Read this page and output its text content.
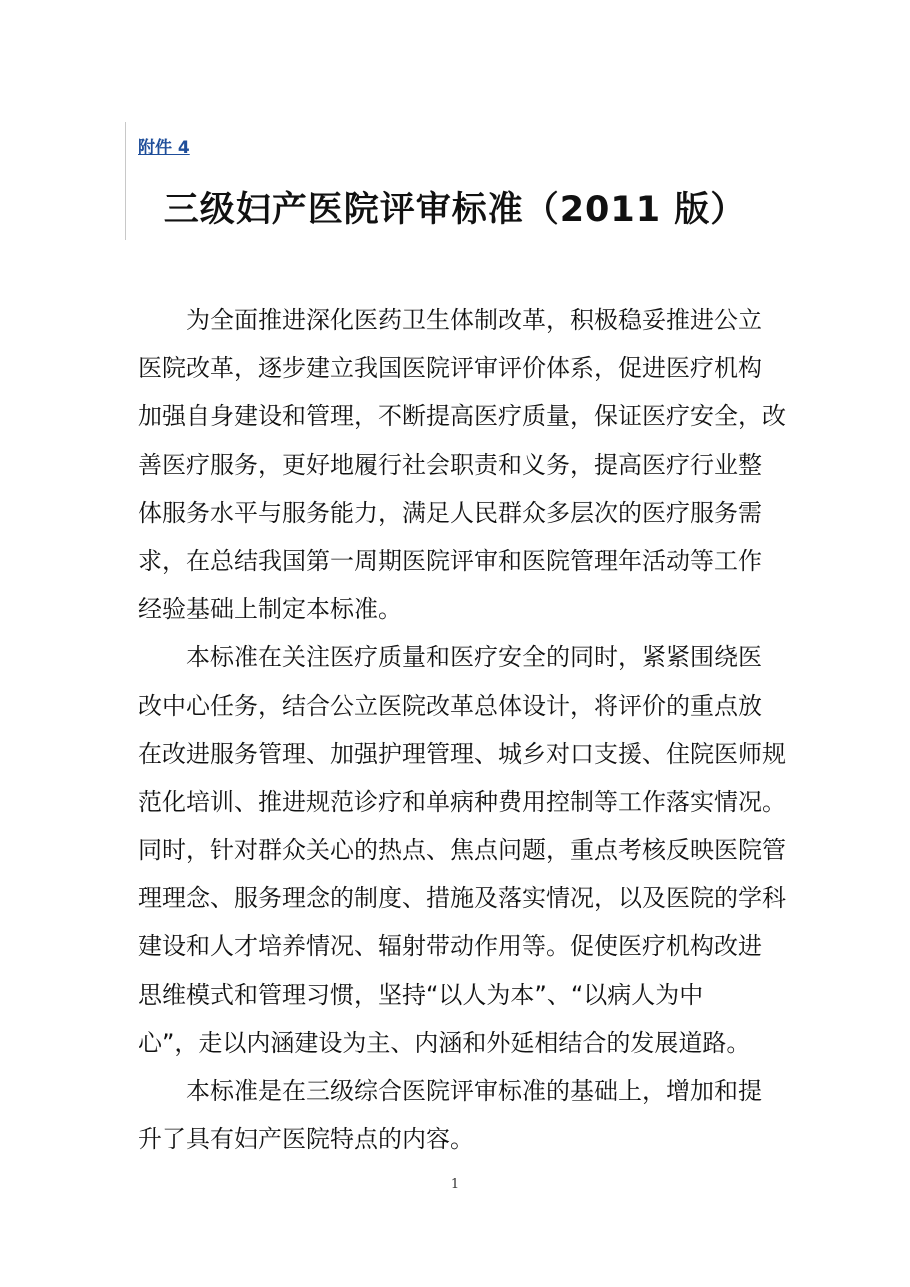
附件 4
三级妇产医院评审标准（2011 版）
　　为全面推进深化医药卫生体制改革，积极稳妥推进公立
医院改革，逐步建立我国医院评审评价体系，促进医疗机构
加强自身建设和管理，不断提高医疗质量，保证医疗安全，改
善医疗服务，更好地履行社会职责和义务，提高医疗行业整
体服务水平与服务能力，满足人民群众多层次的医疗服务需
求，在总结我国第一周期医院评审和医院管理年活动等工作
经验基础上制定本标准。
　　本标准在关注医疗质量和医疗安全的同时，紧紧围绕医
改中心任务，结合公立医院改革总体设计，将评价的重点放
在改进服务管理、加强护理管理、城乡对口支援、住院医师规
范化培训、推进规范诊疗和单病种费用控制等工作落实情况。
同时，针对群众关心的热点、焦点问题，重点考核反映医院管
理理念、服务理念的制度、措施及落实情况，以及医院的学科
建设和人才培养情况、辐射带动作用等。促使医疗机构改进
思维模式和管理习惯，坚持“以人为本”、“以病人为中
心”，走以内涵建设为主、内涵和外延相结合的发展道路。
　　本标准是在三级综合医院评审标准的基础上，增加和提
升了具有妇产医院特点的内容。
1
